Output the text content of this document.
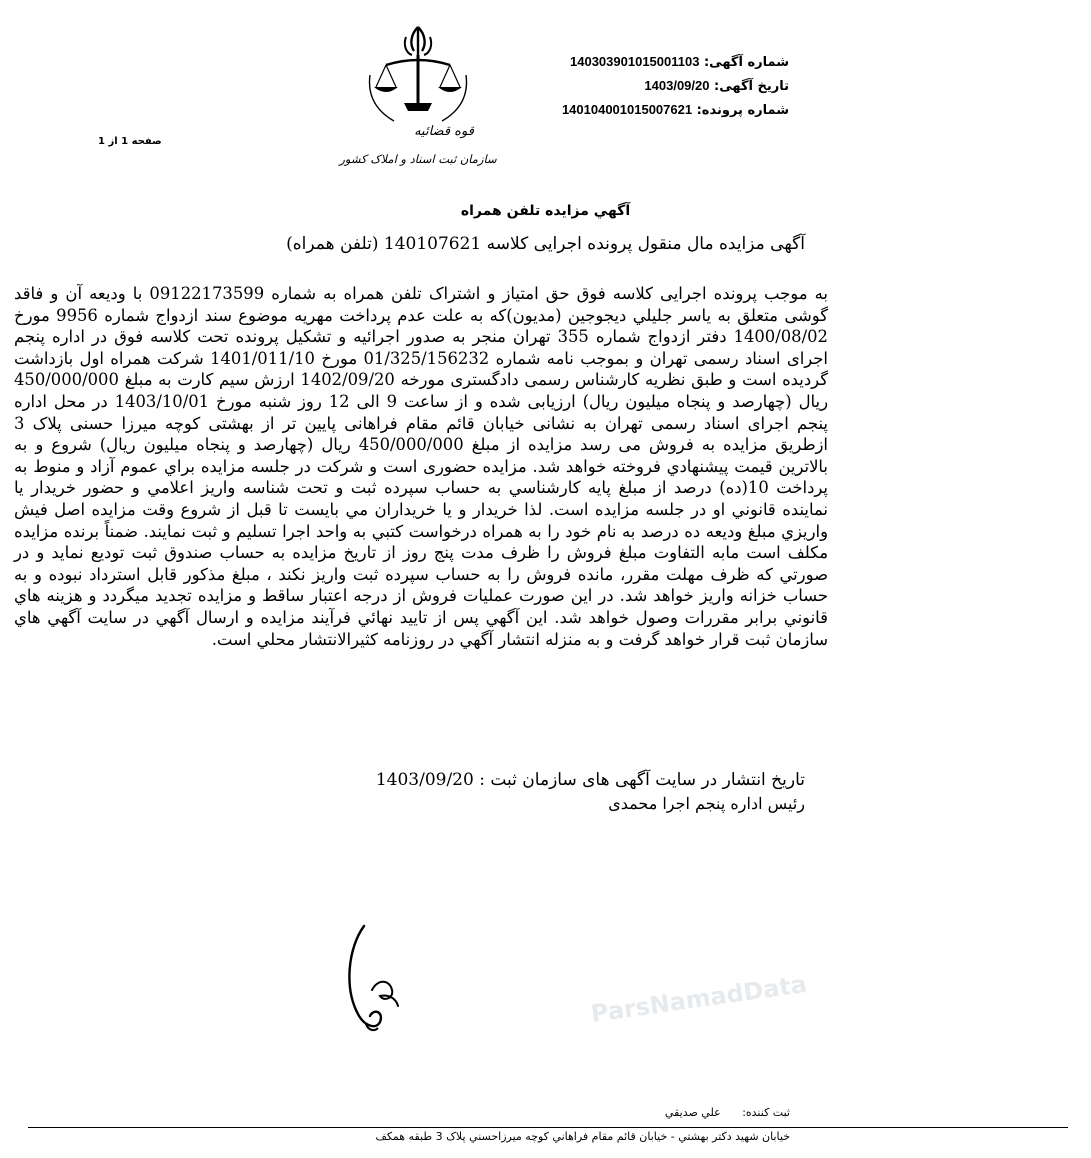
شماره آگهی: 140303901015001103
تاریخ آگهی: 1403/09/20
شماره پرونده: 140104001015007621
قوه قضائیه
سازمان ثبت اسناد و املاک کشور
صفحه 1 از 1
آگهي مزايده تلفن همراه
آگهی مزایده مال منقول پرونده اجرایی کلاسه 140107621 (تلفن همراه)
به موجب پرونده اجرایی کلاسه فوق حق امتیاز و اشتراک تلفن همراه به شماره 09122173599 با ودیعه آن و فاقد گوشی متعلق به یاسر جليلي ديجوجين (مديون)که به علت عدم پرداخت مهریه موضوع سند ازدواج شماره 9956 مورخ 1400/08/02 دفتر ازدواج شماره 355 تهران منجر به صدور اجرائیه و تشکیل پرونده تحت کلاسه فوق در اداره پنجم اجرای اسناد رسمی تهران و بموجب نامه شماره 01/325/156232 مورخ 1401/011/10 شرکت همراه اول بازداشت گردیده است و طبق نظریه کارشناس رسمی دادگستری مورخه 1402/09/20 ارزش سیم کارت به مبلغ 450/000/000 ريال (چهارصد و پنجاه ميليون ريال) ارزيابی شده و از ساعت 9 الی 12 روز شنبه مورخ 1403/10/01 در محل اداره پنجم اجرای اسناد رسمی تهران به نشانی خیابان قائم مقام فراهانی پایین تر از بهشتی کوچه میرزا حسنی پلاک 3 ازطریق مزایده به فروش می رسد مزایده از مبلغ 450/000/000 ريال (چهارصد و پنجاه ميليون ريال) شروع و به بالاترين قيمت پيشنهادي فروخته خواهد شد. مزایده حضوری است و شرکت در جلسه مزايده براي عموم آزاد و منوط به پرداخت 10(ده) درصد از مبلغ پايه كارشناسي به حساب سپرده ثبت و تحت شناسه واريز اعلامي و حضور خريدار يا نماينده قانوني او در جلسه مزايده است. لذا خريدار و يا خريداران مي بايست تا قبل از شروع وقت مزايده اصل فيش واريزي مبلغ وديعه ده درصد به نام خود را به همراه درخواست كتبي به واحد اجرا تسليم و ثبت نمايند. ضمناً برنده مزايده مكلف است مابه التفاوت مبلغ فروش را ظرف مدت پنج روز از تاريخ مزايده به حساب صندوق ثبت توديع نمايد و در صورتي كه ظرف مهلت مقرر، مانده فروش را به حساب سپرده ثبت واريز نكند ، مبلغ مذكور قابل استرداد نبوده و به حساب خزانه واريز خواهد شد. در اين صورت عمليات فروش از درجه اعتبار ساقط و مزايده تجديد ميگردد و هزينه هاي قانوني برابر مقررات وصول خواهد شد. اين آگهي پس از تاييد نهائي فرآيند مزايده و ارسال آگهي در سايت آگهي هاي سازمان ثبت قرار خواهد گرفت و به منزله انتشار آگهي در روزنامه كثيرالانتشار محلي است.
تاریخ انتشار در سایت آگهی های سازمان ثبت : 1403/09/20
رئیس اداره پنجم اجرا محمدی
ParsNamadData
ثبت كننده: علي صديقي
خيابان شهيد دكتر بهشتي - خيابان قائم مقام فراهاني كوچه ميرزاحسني پلاک 3 طبقه همكف
